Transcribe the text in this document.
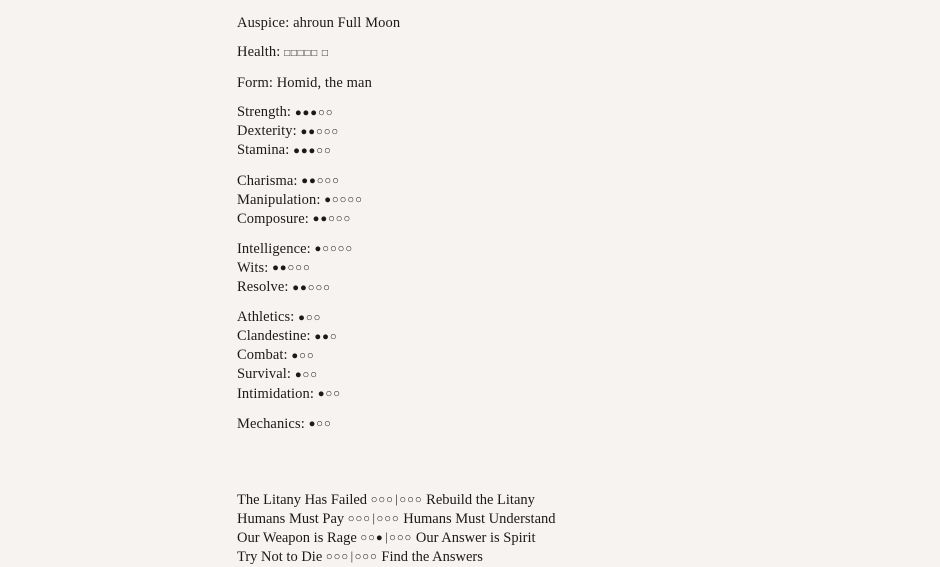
Auspice: ahroun Full Moon
Health: □□□□□ □
Form: Homid, the man
Strength: ●●●○○
Dexterity: ●●○○○
Stamina: ●●●○○
Charisma: ●●○○○
Manipulation: ●○○○○
Composure: ●●○○○
Intelligence: ●○○○○
Wits: ●●○○○
Resolve: ●●○○○
Athletics: ●○○
Clandestine: ●●○
Combat: ●○○
Survival: ●○○
Intimidation: ●○○
Mechanics: ●○○
The Litany Has Failed ○○○ | ○○○ Rebuild the Litany
Humans Must Pay ○○○ | ○○○ Humans Must Understand
Our Weapon is Rage ○○● | ○○○ Our Answer is Spirit
Try Not to Die ○○○ | ○○○ Find the Answers
